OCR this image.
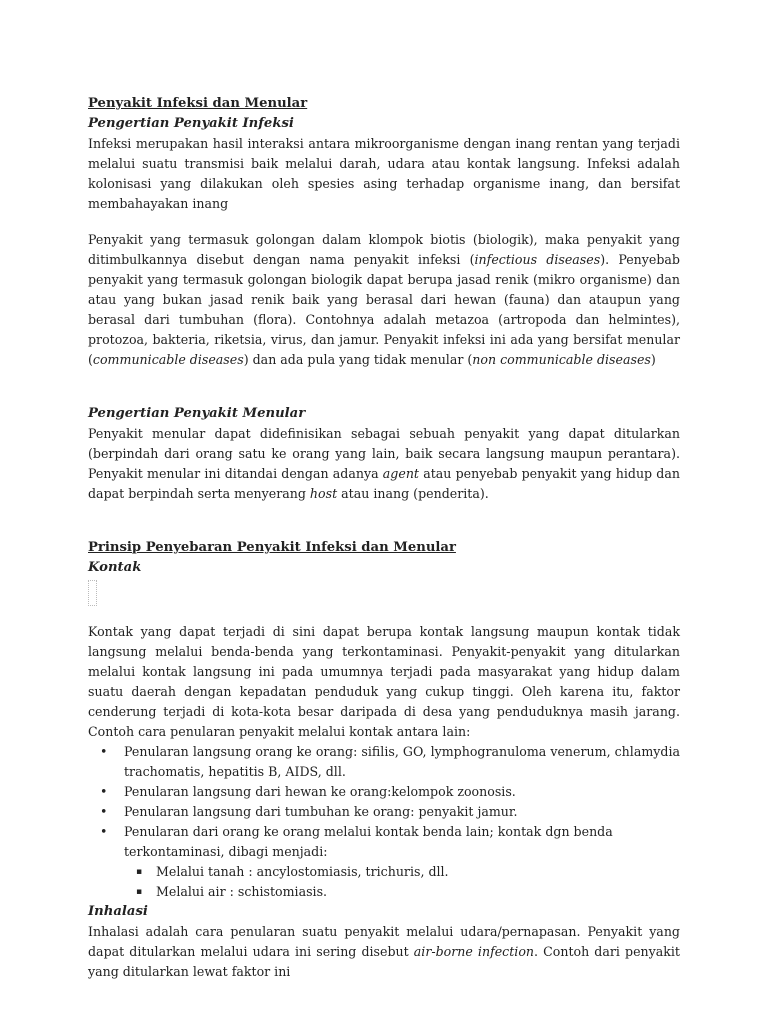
Penyakit Infeksi dan Menular

Pengertian Penyakit Infeksi

Infeksi merupakan hasil interaksi antara mikroorganisme dengan inang rentan yang terjadi melalui suatu transmisi baik melalui darah, udara atau kontak langsung. Infeksi adalah kolonisasi yang dilakukan oleh spesies asing terhadap organisme inang, dan bersifat membahayakan inang

Penyakit yang termasuk golongan dalam klompok biotis (biologik), maka penyakit yang ditimbulkannya disebut dengan nama penyakit infeksi (infectious diseases). Penyebab penyakit yang termasuk golongan biologik dapat berupa jasad renik (mikro organisme) dan atau yang bukan jasad renik baik yang berasal dari hewan (fauna) dan ataupun yang berasal dari tumbuhan (flora). Contohnya adalah metazoa (artropoda dan helmintes), protozoa, bakteria, riketsia, virus, dan jamur. Penyakit infeksi ini ada yang bersifat menular (communicable diseases) dan ada pula yang tidak menular (non communicable diseases)

Pengertian Penyakit Menular

Penyakit menular dapat didefinisikan sebagai sebuah penyakit yang dapat ditularkan (berpindah dari orang satu ke orang yang lain, baik secara langsung maupun perantara). Penyakit menular ini ditandai dengan adanya agent atau penyebab penyakit yang hidup dan dapat berpindah serta menyerang host atau inang (penderita).

Prinsip Penyebaran Penyakit Infeksi dan Menular

Kontak

Kontak yang dapat terjadi di sini dapat berupa kontak langsung maupun kontak tidak langsung melalui benda-benda yang terkontaminasi. Penyakit-penyakit yang ditularkan melalui kontak langsung ini pada umumnya terjadi pada masyarakat yang hidup dalam suatu daerah dengan kepadatan penduduk yang cukup tinggi. Oleh karena itu, faktor cenderung terjadi di kota-kota besar daripada di desa yang penduduknya masih jarang. Contoh cara penularan penyakit melalui kontak antara lain:

• Penularan langsung orang ke orang: sifilis, GO, lymphogranuloma venerum, chlamydia trachomatis, hepatitis B, AIDS, dll.
• Penularan langsung dari hewan ke orang:kelompok zoonosis.
• Penularan langsung dari tumbuhan ke orang: penyakit jamur.
• Penularan dari orang ke orang melalui kontak benda lain; kontak dgn benda terkontaminasi, dibagi menjadi:
▪ Melalui tanah : ancylostomiasis, trichuris, dll.
▪ Melalui air : schistomiasis.

Inhalasi

Inhalasi adalah cara penularan suatu penyakit melalui udara/pernapasan. Penyakit yang dapat ditularkan melalui udara ini sering disebut air-borne infection. Contoh dari penyakit yang ditularkan lewat faktor ini
